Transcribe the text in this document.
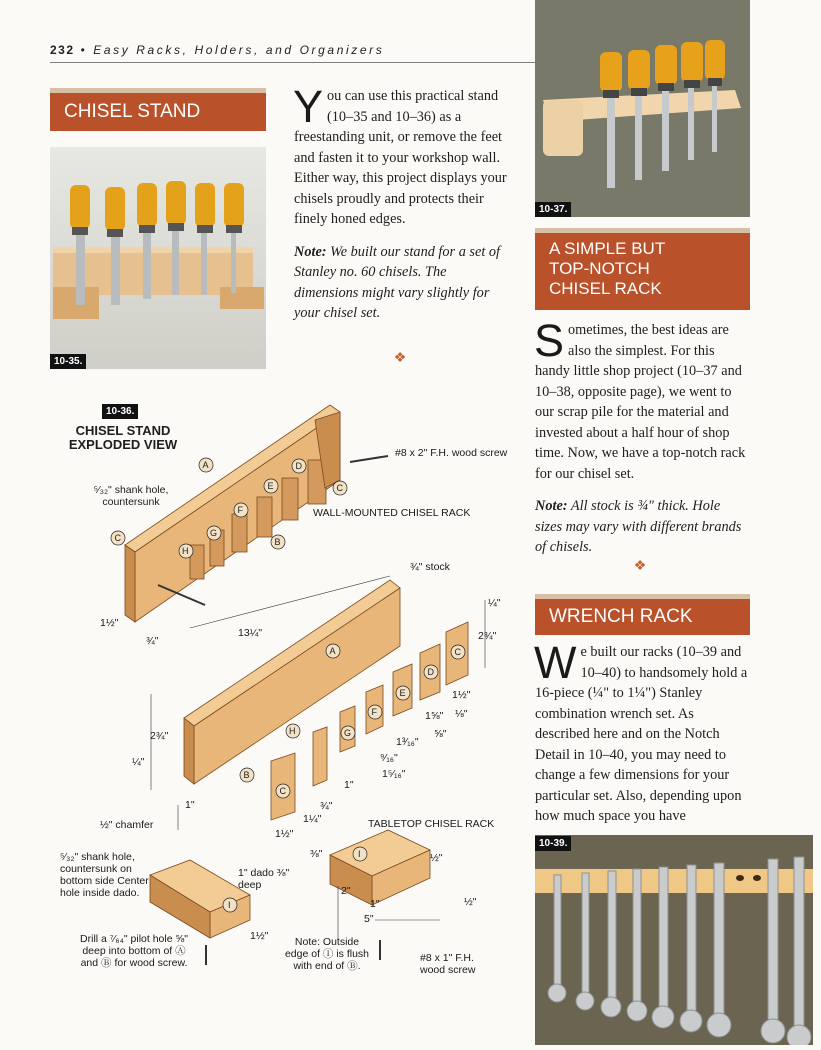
232 • Easy Racks, Holders, and Organizers
CHISEL STAND
10-35.

You can use this practical stand (10–35 and 10–36) as a freestanding unit, or remove the feet and fasten it to your workshop wall. Either way, this project displays your chisels proudly and protects their finely honed edges.

Note: We built our stand for a set of Stanley no. 60 chisels. The dimensions might vary slightly for your chisel set.

❖
10-36.
CHISEL STAND
EXPLODED VIEW
A	D
E
F
G
H
C
C
B
A	C
D
E
F
G
H
C
B
I
I
#8 x 2" F.H. wood screw
⁵⁄₃₂" shank hole, countersunk
WALL-MOUNTED CHISEL RACK
¾" stock
13¼"
1½"
¾"
2¾"
¼"
1"
¼"
2¾"
1½"
⅛"
1⅝"
⅝"
1³⁄₁₆"
⁹⁄₁₆"
1⁵⁄₁₆"
1"
¾"
1¼"
1½"
½" chamfer	TABLETOP CHISEL RACK
⁵⁄₃₂" shank hole, countersunk on bottom side Center hole inside dado.
1" dado ⅜" deep
⅜"	½"
2"
1"
5"
½"
1½"
Drill a ⁷⁄₆₄" pilot hole ⅝" deep into bottom of Ⓐ and Ⓑ for wood screw.
Note: Outside edge of Ⓘ is flush with end of Ⓑ.
#8 x 1" F.H. wood screw
10-37.
A SIMPLE BUT
TOP-NOTCH
CHISEL RACK

Sometimes, the best ideas are also the simplest. For this handy little shop project (10–37 and 10–38, opposite page), we went to our scrap pile for the material and invested about a half hour of shop time. Now, we have a top-notch rack for our chisel set.

Note: All stock is ¾" thick. Hole sizes may vary with different brands of chisels.

❖
WRENCH RACK

We built our racks (10–39 and 10–40) to handsomely hold a 16-piece (¼" to 1¼") Stanley combination wrench set. As described here and on the Notch Detail in 10–40, you may need to change a few dimensions for your particular set. Also, depending upon how much space you have

10-39.
